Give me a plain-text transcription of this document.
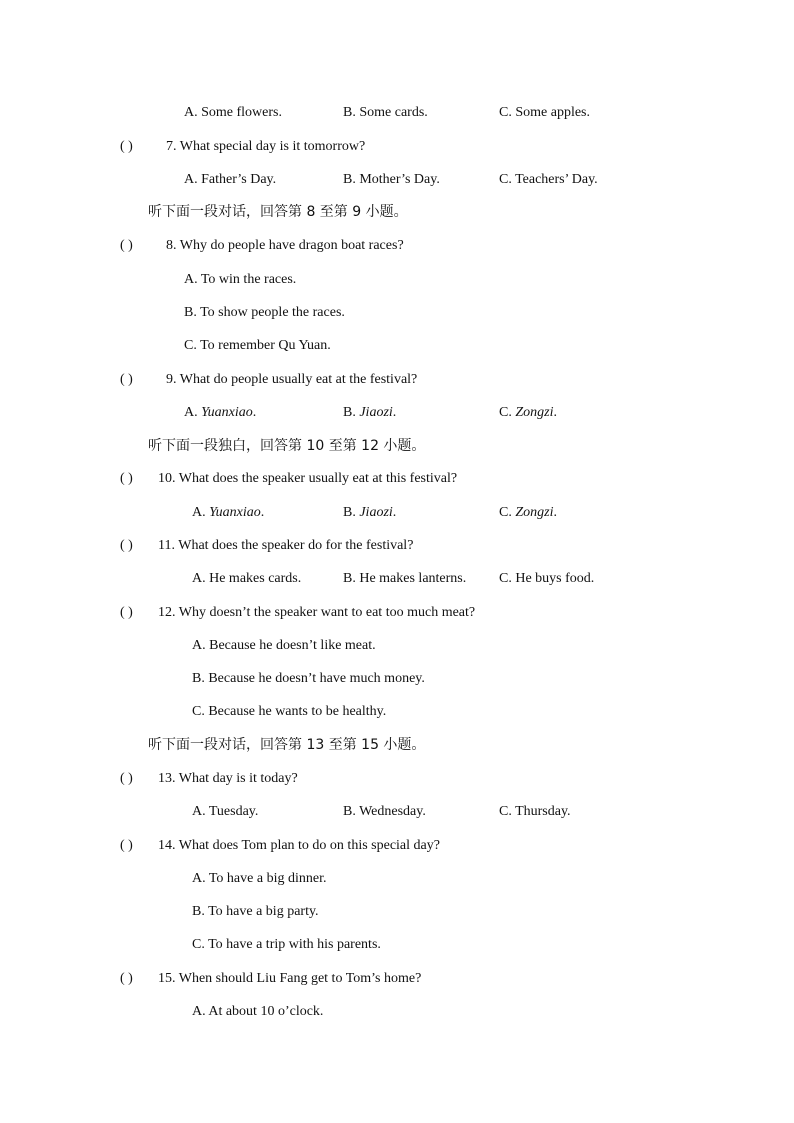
A. Some flowers.	B. Some cards.	C. Some apples.
( ) 7. What special day is it tomorrow?
A. Father’s Day.	B. Mother’s Day.	C. Teachers’ Day.
听下面一段对话，回答第 8 至第 9 小题。
( ) 8. Why do people have dragon boat races?
A. To win the races.
B. To show people the races.
C. To remember Qu Yuan.
( ) 9. What do people usually eat at the festival?
A. Yuanxiao.	B. Jiaozi.	C. Zongzi.
听下面一段独白，回答第 10 至第 12 小题。
( ) 10. What does the speaker usually eat at this festival?
A. Yuanxiao.	B. Jiaozi.	C. Zongzi.
( ) 11. What does the speaker do for the festival?
A. He makes cards.	B. He makes lanterns. C. He buys food.
( ) 12. Why doesn’t the speaker want to eat too much meat?
A. Because he doesn’t like meat.
B. Because he doesn’t have much money.
C. Because he wants to be healthy.
听下面一段对话，回答第 13 至第 15 小题。
( ) 13. What day is it today?
A. Tuesday.	B. Wednesday.	C. Thursday.
( ) 14. What does Tom plan to do on this special day?
A. To have a big dinner.
B. To have a big party.
C. To have a trip with his parents.
( ) 15. When should Liu Fang get to Tom’s home?
A. At about 10 o’clock.
